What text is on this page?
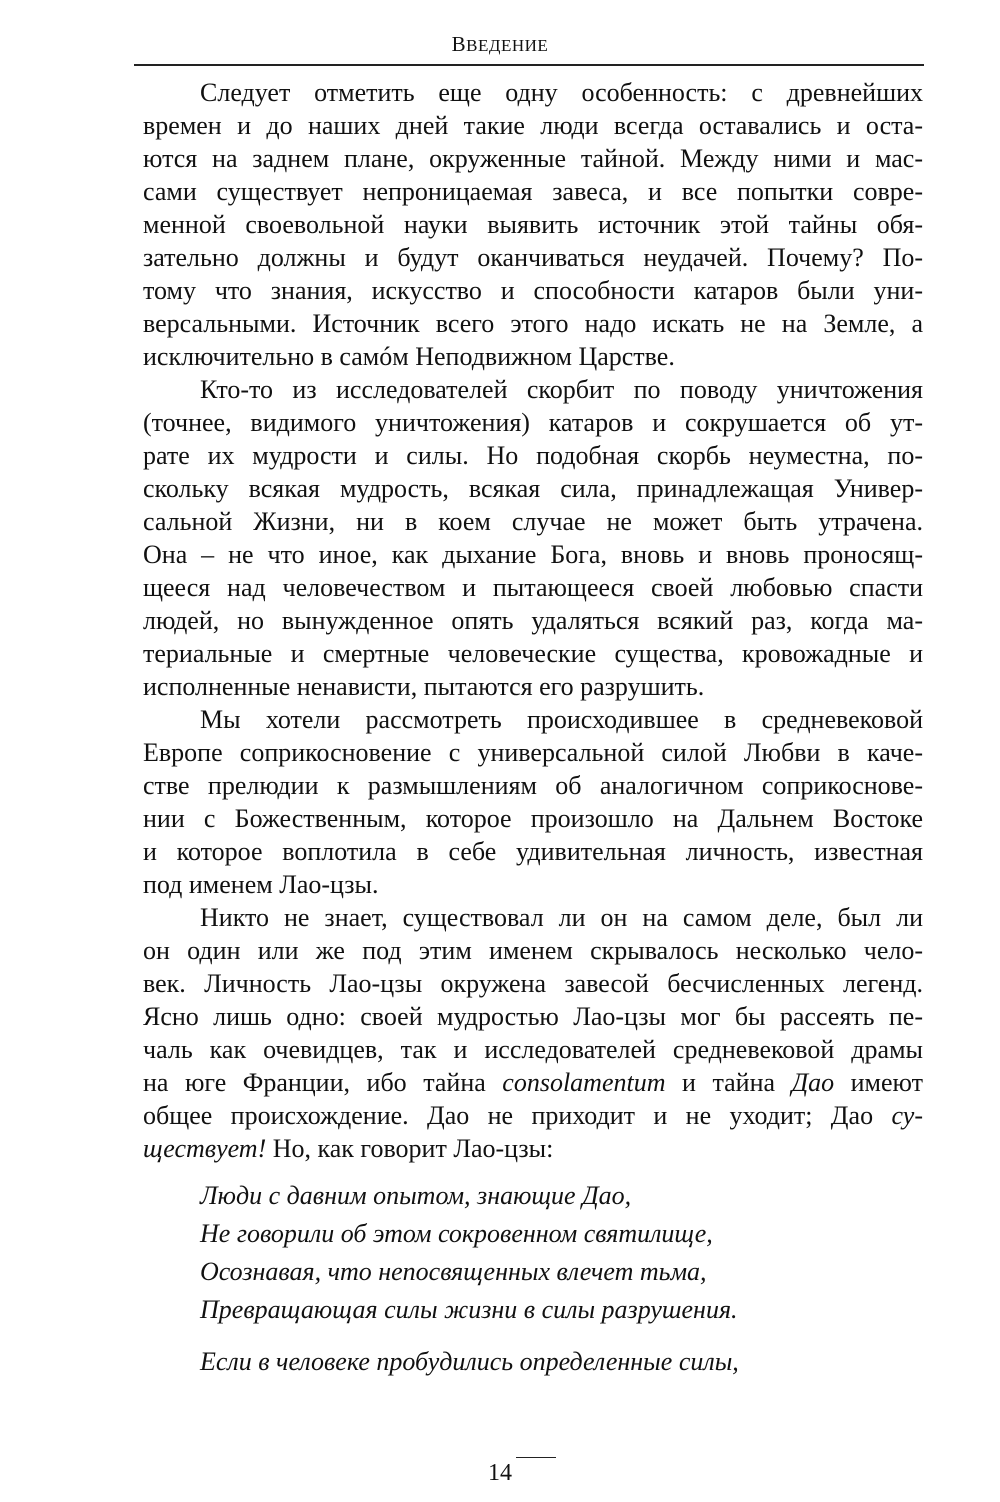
ВВЕДЕНИЕ
Следует отметить еще одну особенность: с древнейших
времен и до наших дней такие люди всегда оставались и оста-
ются на заднем плане, окруженные тайной. Между ними и мас-
сами существует непроницаемая завеса, и все попытки совре-
менной своевольной науки выявить источник этой тайны обя-
зательно должны и будут оканчиваться неудачей. Почему? По-
тому что знания, искусство и способности катаров были уни-
версальными. Источник всего этого надо искать не на Земле, а
исключительно в самóм Неподвижном Царстве.
Кто-то из исследователей скорбит по поводу уничтожения
(точнее, видимого уничтожения) катаров и сокрушается об ут-
рате их мудрости и силы. Но подобная скорбь неуместна, по-
скольку всякая мудрость, всякая сила, принадлежащая Универ-
сальной Жизни, ни в коем случае не может быть утрачена.
Она – не что иное, как дыхание Бога, вновь и вновь проносящ-
щееся над человечеством и пытающееся своей любовью спасти
людей, но вынужденное опять удаляться всякий раз, когда ма-
териальные и смертные человеческие существа, кровожадные и
исполненные ненависти, пытаются его разрушить.
Мы хотели рассмотреть происходившее в средневековой
Европе соприкосновение с универсальной силой Любви в каче-
стве прелюдии к размышлениям об аналогичном соприкоснове-
нии с Божественным, которое произошло на Дальнем Востоке
и которое воплотила в себе удивительная личность, известная
под именем Лао-цзы.
Никто не знает, существовал ли он на самом деле, был ли
он один или же под этим именем скрывалось несколько чело-
век. Личность Лао-цзы окружена завесой бесчисленных легенд.
Ясно лишь одно: своей мудростью Лао-цзы мог бы рассеять пе-
чаль как очевидцев, так и исследователей средневековой драмы
на юге Франции, ибо тайна consolamentum и тайна Дао имеют
общее происхождение. Дао не приходит и не уходит; Дао су-
ществует! Но, как говорит Лао-цзы:
Люди с давним опытом, знающие Дао,
Не говорили об этом сокровенном святилище,
Осознавая, что непосвященных влечет тьма,
Превращающая силы жизни в силы разрушения.
Если в человеке пробудились определенные силы,
14
